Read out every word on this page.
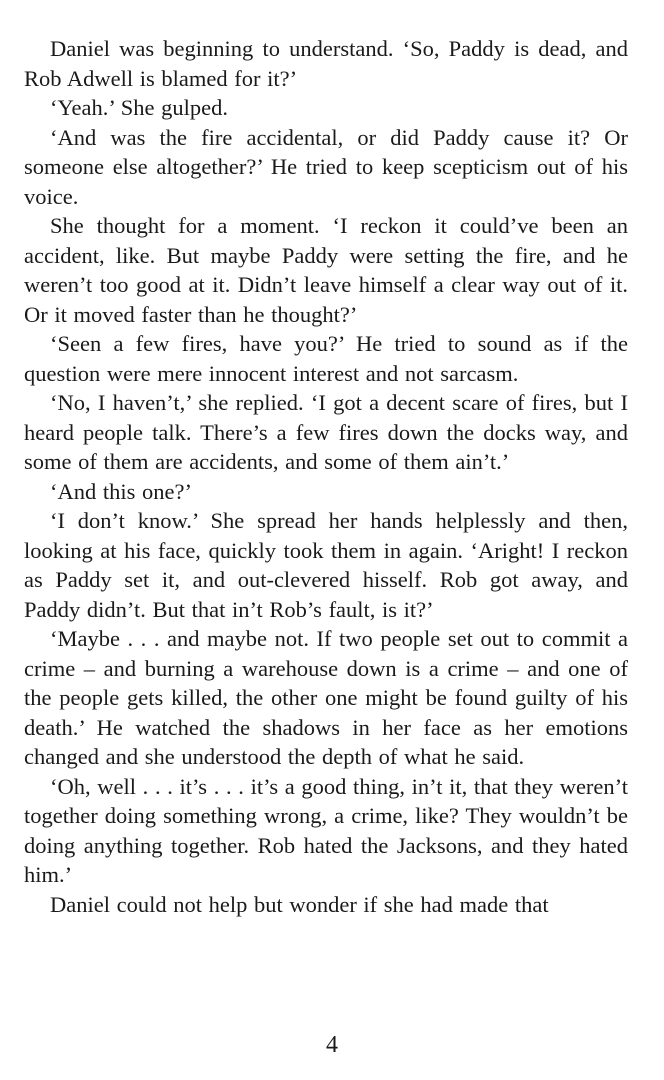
Daniel was beginning to understand. ‘So, Paddy is dead, and Rob Adwell is blamed for it?’

‘Yeah.’ She gulped.

‘And was the fire accidental, or did Paddy cause it? Or someone else altogether?’ He tried to keep scepticism out of his voice.

She thought for a moment. ‘I reckon it could’ve been an accident, like. But maybe Paddy were setting the fire, and he weren’t too good at it. Didn’t leave himself a clear way out of it. Or it moved faster than he thought?’

‘Seen a few fires, have you?’ He tried to sound as if the question were mere innocent interest and not sarcasm.

‘No, I haven’t,’ she replied. ‘I got a decent scare of fires, but I heard people talk. There’s a few fires down the docks way, and some of them are accidents, and some of them ain’t.’

‘And this one?’

‘I don’t know.’ She spread her hands helplessly and then, looking at his face, quickly took them in again. ‘Aright! I reckon as Paddy set it, and out-clevered hisself. Rob got away, and Paddy didn’t. But that in’t Rob’s fault, is it?’

‘Maybe . . . and maybe not. If two people set out to commit a crime – and burning a warehouse down is a crime – and one of the people gets killed, the other one might be found guilty of his death.’ He watched the shadows in her face as her emotions changed and she understood the depth of what he said.

‘Oh, well . . . it’s . . . it’s a good thing, in’t it, that they weren’t together doing something wrong, a crime, like? They wouldn’t be doing anything together. Rob hated the Jacksons, and they hated him.’

Daniel could not help but wonder if she had made that

4
